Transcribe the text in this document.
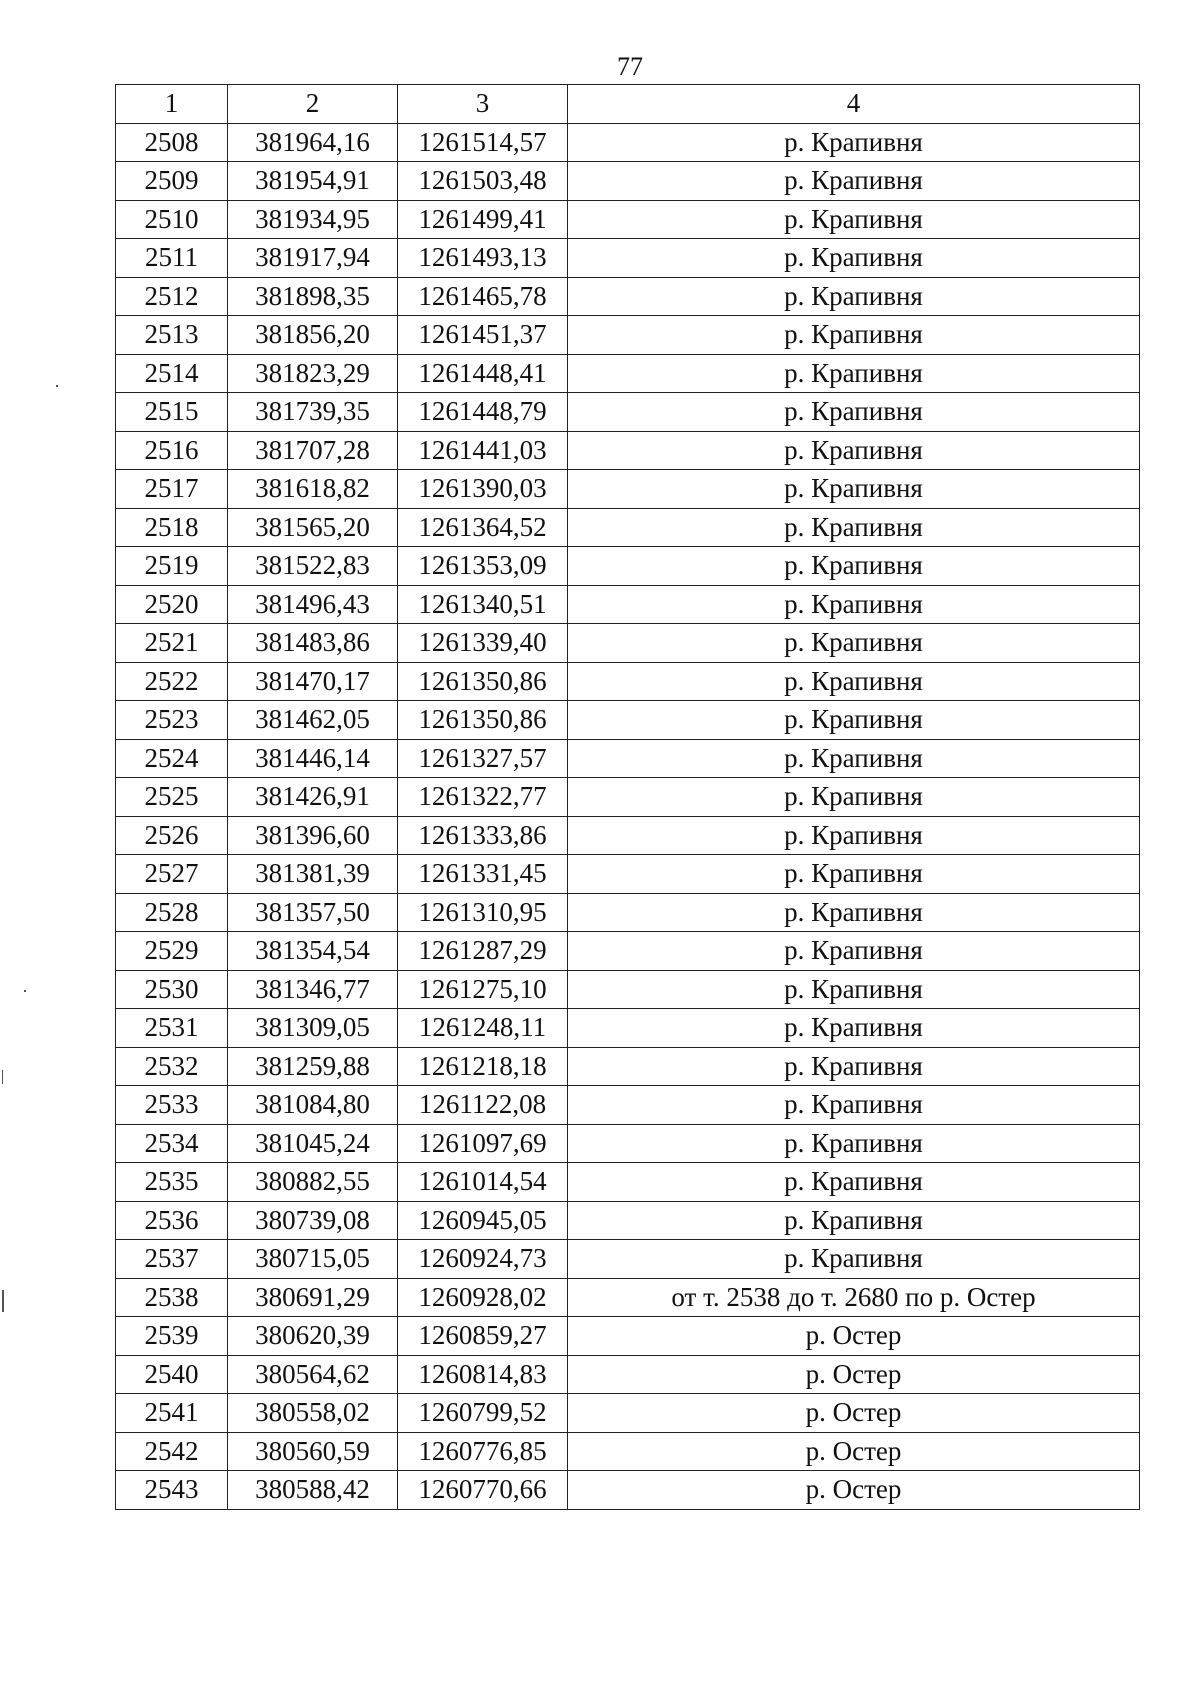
77
1	2	3	4
2508	381964,16	1261514,57	р. Крапивня
2509	381954,91	1261503,48	р. Крапивня
2510	381934,95	1261499,41	р. Крапивня
2511	381917,94	1261493,13	р. Крапивня
2512	381898,35	1261465,78	р. Крапивня
2513	381856,20	1261451,37	р. Крапивня
2514	381823,29	1261448,41	р. Крапивня
2515	381739,35	1261448,79	р. Крапивня
2516	381707,28	1261441,03	р. Крапивня
2517	381618,82	1261390,03	р. Крапивня
2518	381565,20	1261364,52	р. Крапивня
2519	381522,83	1261353,09	р. Крапивня
2520	381496,43	1261340,51	р. Крапивня
2521	381483,86	1261339,40	р. Крапивня
2522	381470,17	1261350,86	р. Крапивня
2523	381462,05	1261350,86	р. Крапивня
2524	381446,14	1261327,57	р. Крапивня
2525	381426,91	1261322,77	р. Крапивня
2526	381396,60	1261333,86	р. Крапивня
2527	381381,39	1261331,45	р. Крапивня
2528	381357,50	1261310,95	р. Крапивня
2529	381354,54	1261287,29	р. Крапивня
2530	381346,77	1261275,10	р. Крапивня
2531	381309,05	1261248,11	р. Крапивня
2532	381259,88	1261218,18	р. Крапивня
2533	381084,80	1261122,08	р. Крапивня
2534	381045,24	1261097,69	р. Крапивня
2535	380882,55	1261014,54	р. Крапивня
2536	380739,08	1260945,05	р. Крапивня
2537	380715,05	1260924,73	р. Крапивня
2538	380691,29	1260928,02	от т. 2538 до т. 2680 по р. Остер
2539	380620,39	1260859,27	р. Остер
2540	380564,62	1260814,83	р. Остер
2541	380558,02	1260799,52	р. Остер
2542	380560,59	1260776,85	р. Остер
2543	380588,42	1260770,66	р. Остер
